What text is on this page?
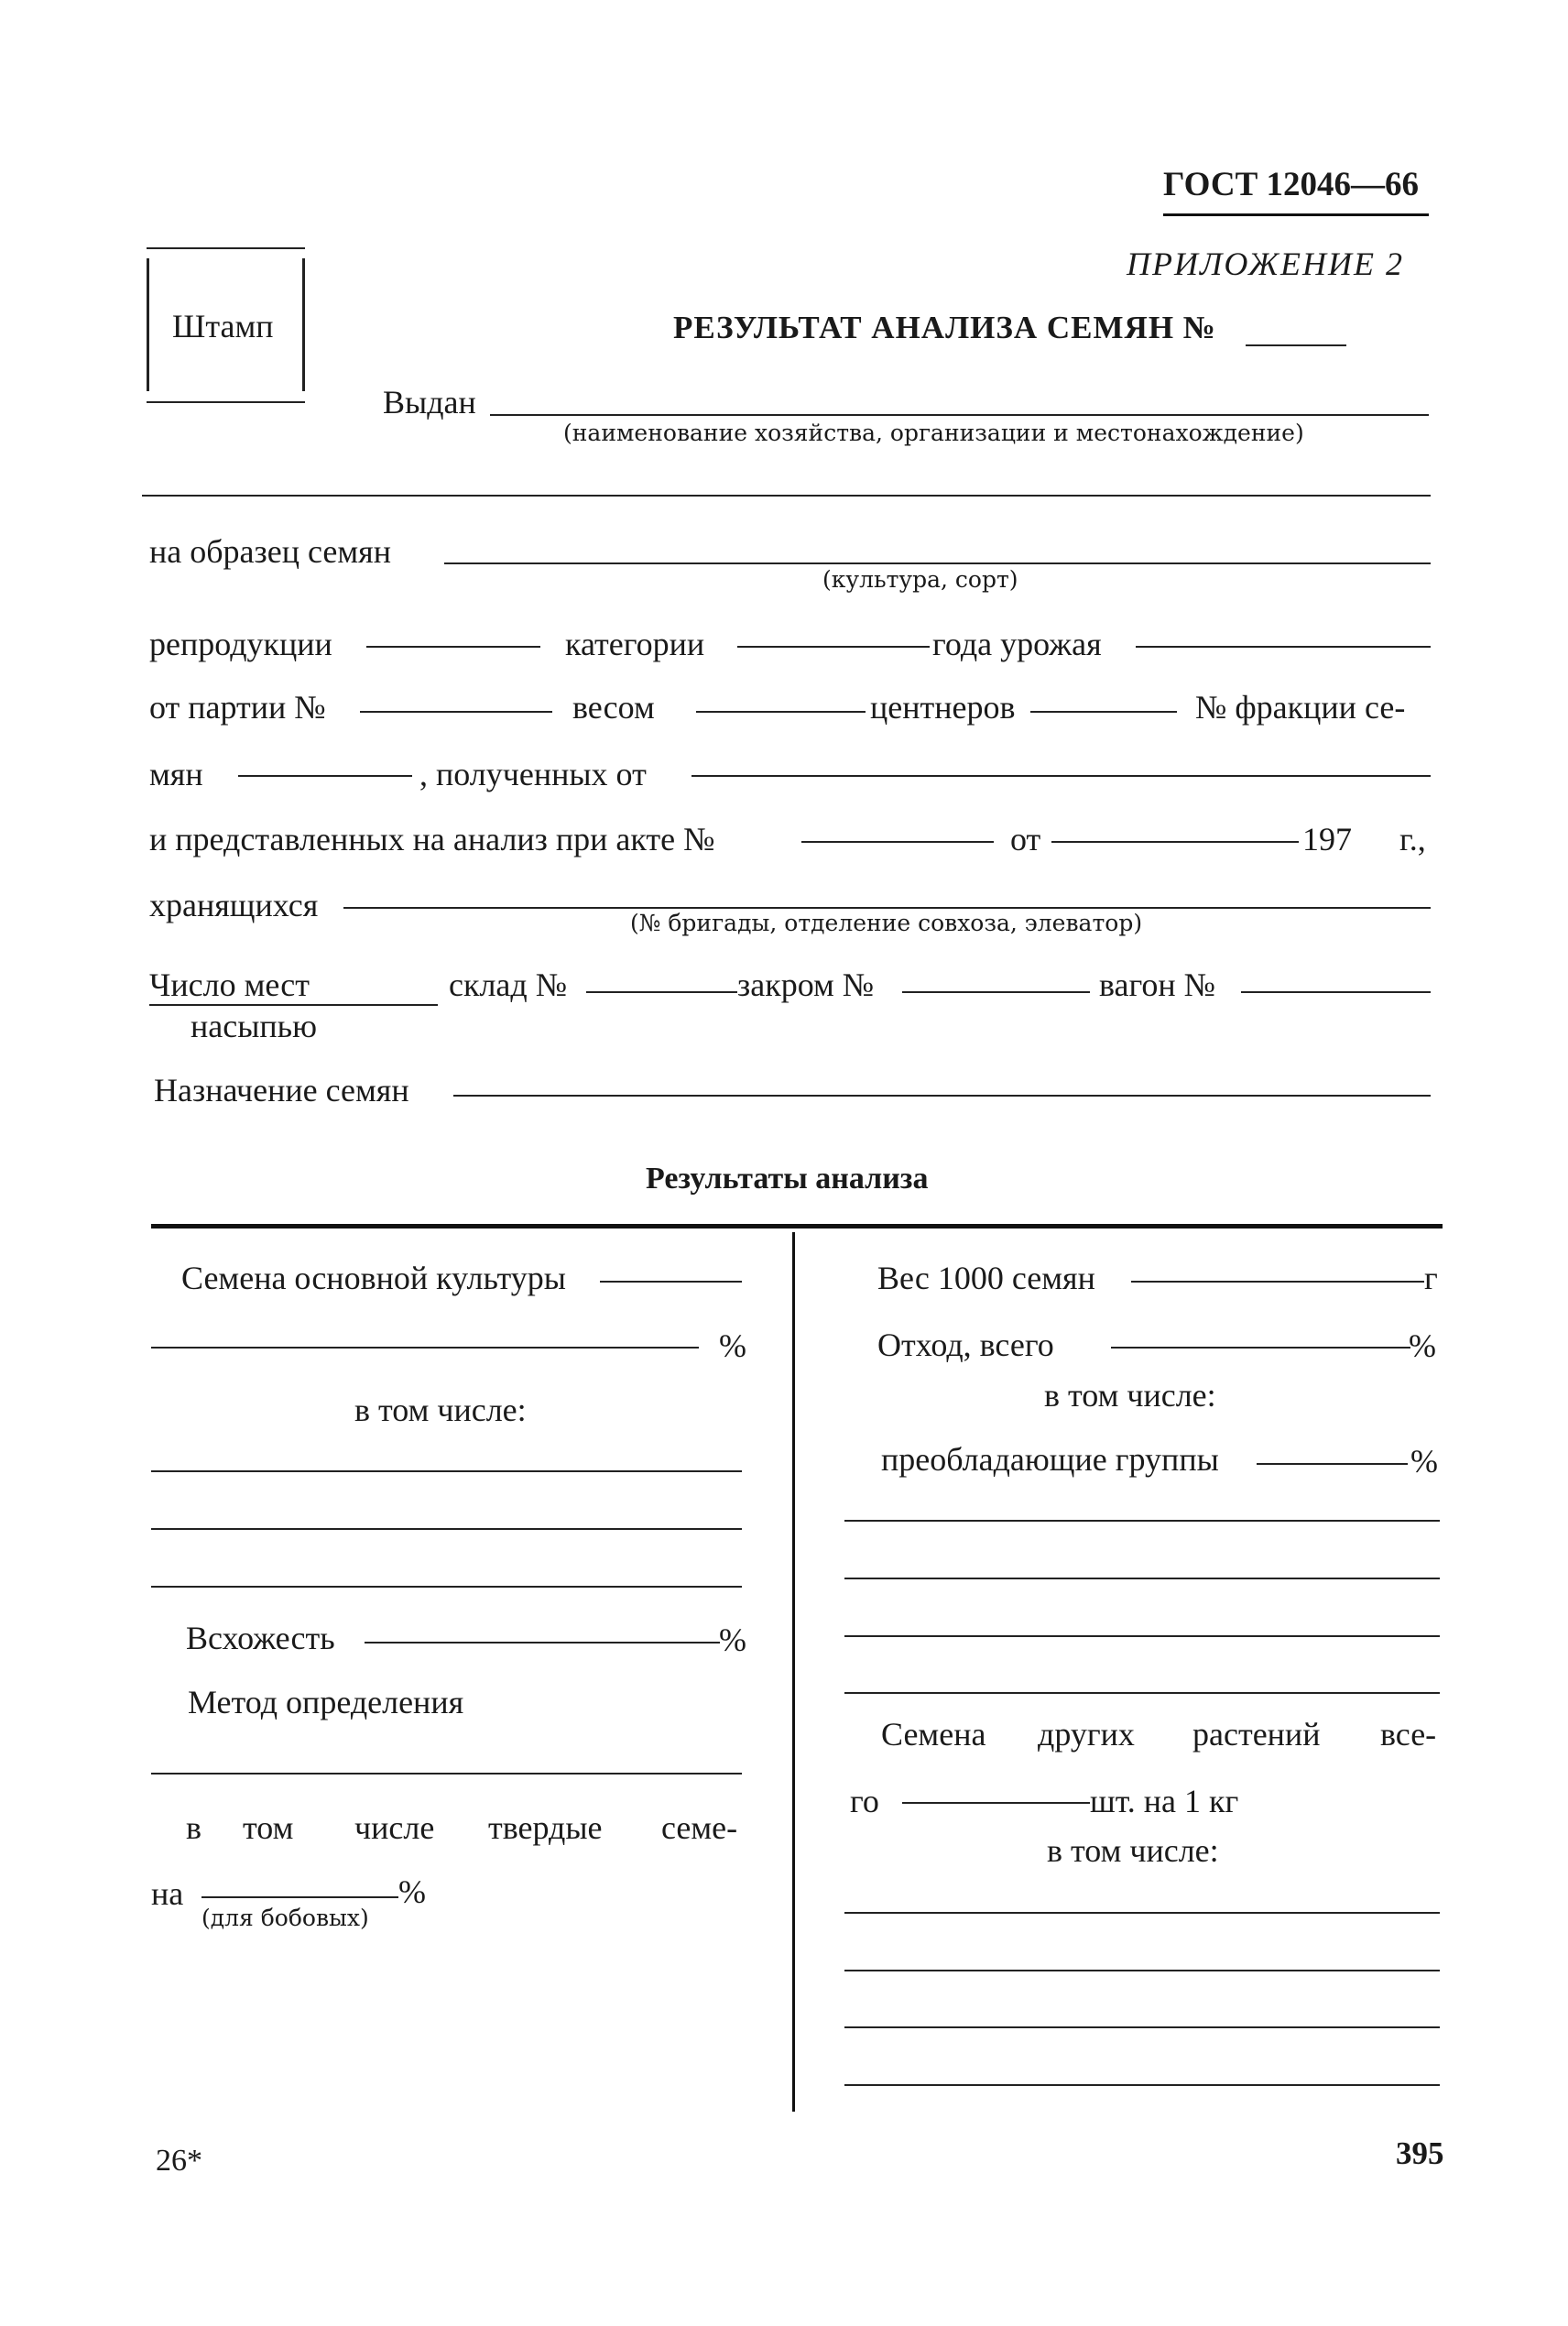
ГОСТ 12046—66
ПРИЛОЖЕНИЕ 2
Штамп	РЕЗУЛЬТАТ АНАЛИЗА СЕМЯН №
Выдан
(наименование хозяйства, организации и местонахождение)
на образец семян
(культура, сорт)
репродукции	категории	года урожая
от партии №	весом	центнеров	№ фракции се-
мян	, полученных от
и представленных на анализ при акте №	от	197 г.,
хранящихся	(№ бригады, отделение совхоза, элеватор)
Число мест
насыпью
склад №	закром №	вагон №
Назначение семян
Результаты анализа
Семена основной культуры
%
в том числе:
Всхожесть	%
Метод определения
в том числе твердые семе-
на	%
(для бобовых)
Вес 1000 семян	г
Отход, всего	%
в том числе:
преобладающие группы	%
Семена других растений все-
го	шт. на 1 кг
в том числе:
26*	395
